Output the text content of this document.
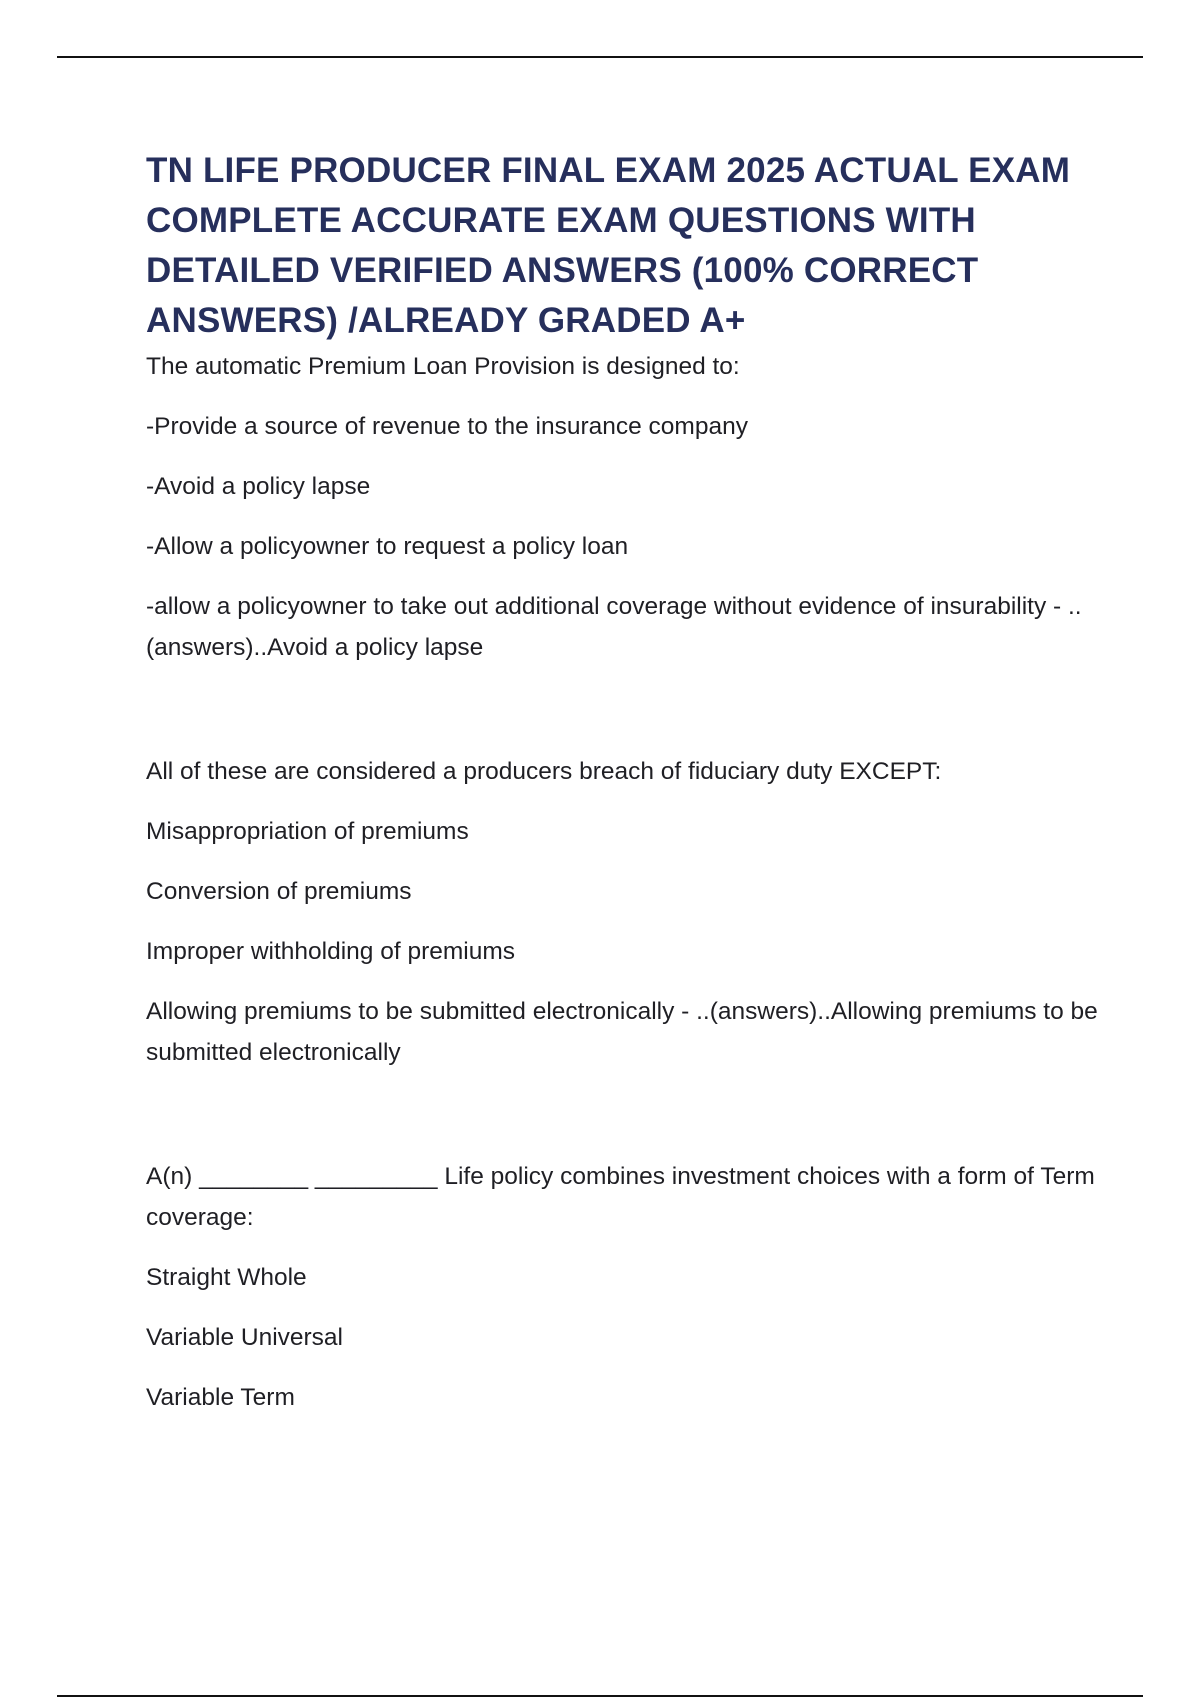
TN LIFE PRODUCER FINAL EXAM 2025 ACTUAL EXAM COMPLETE ACCURATE EXAM QUESTIONS WITH DETAILED VERIFIED ANSWERS (100% CORRECT ANSWERS) /ALREADY GRADED A+

The automatic Premium Loan Provision is designed to:

-Provide a source of revenue to the insurance company

-Avoid a policy lapse

-Allow a policyowner to request a policy loan

-allow a policyowner to take out additional coverage without evidence of insurability - ..(answers)..Avoid a policy lapse

All of these are considered a producers breach of fiduciary duty EXCEPT:

Misappropriation of premiums

Conversion of premiums

Improper withholding of premiums

Allowing premiums to be submitted electronically - ..(answers)..Allowing premiums to be submitted electronically

A(n) ________ _________ Life policy combines investment choices with a form of Term coverage:

Straight Whole

Variable Universal

Variable Term
